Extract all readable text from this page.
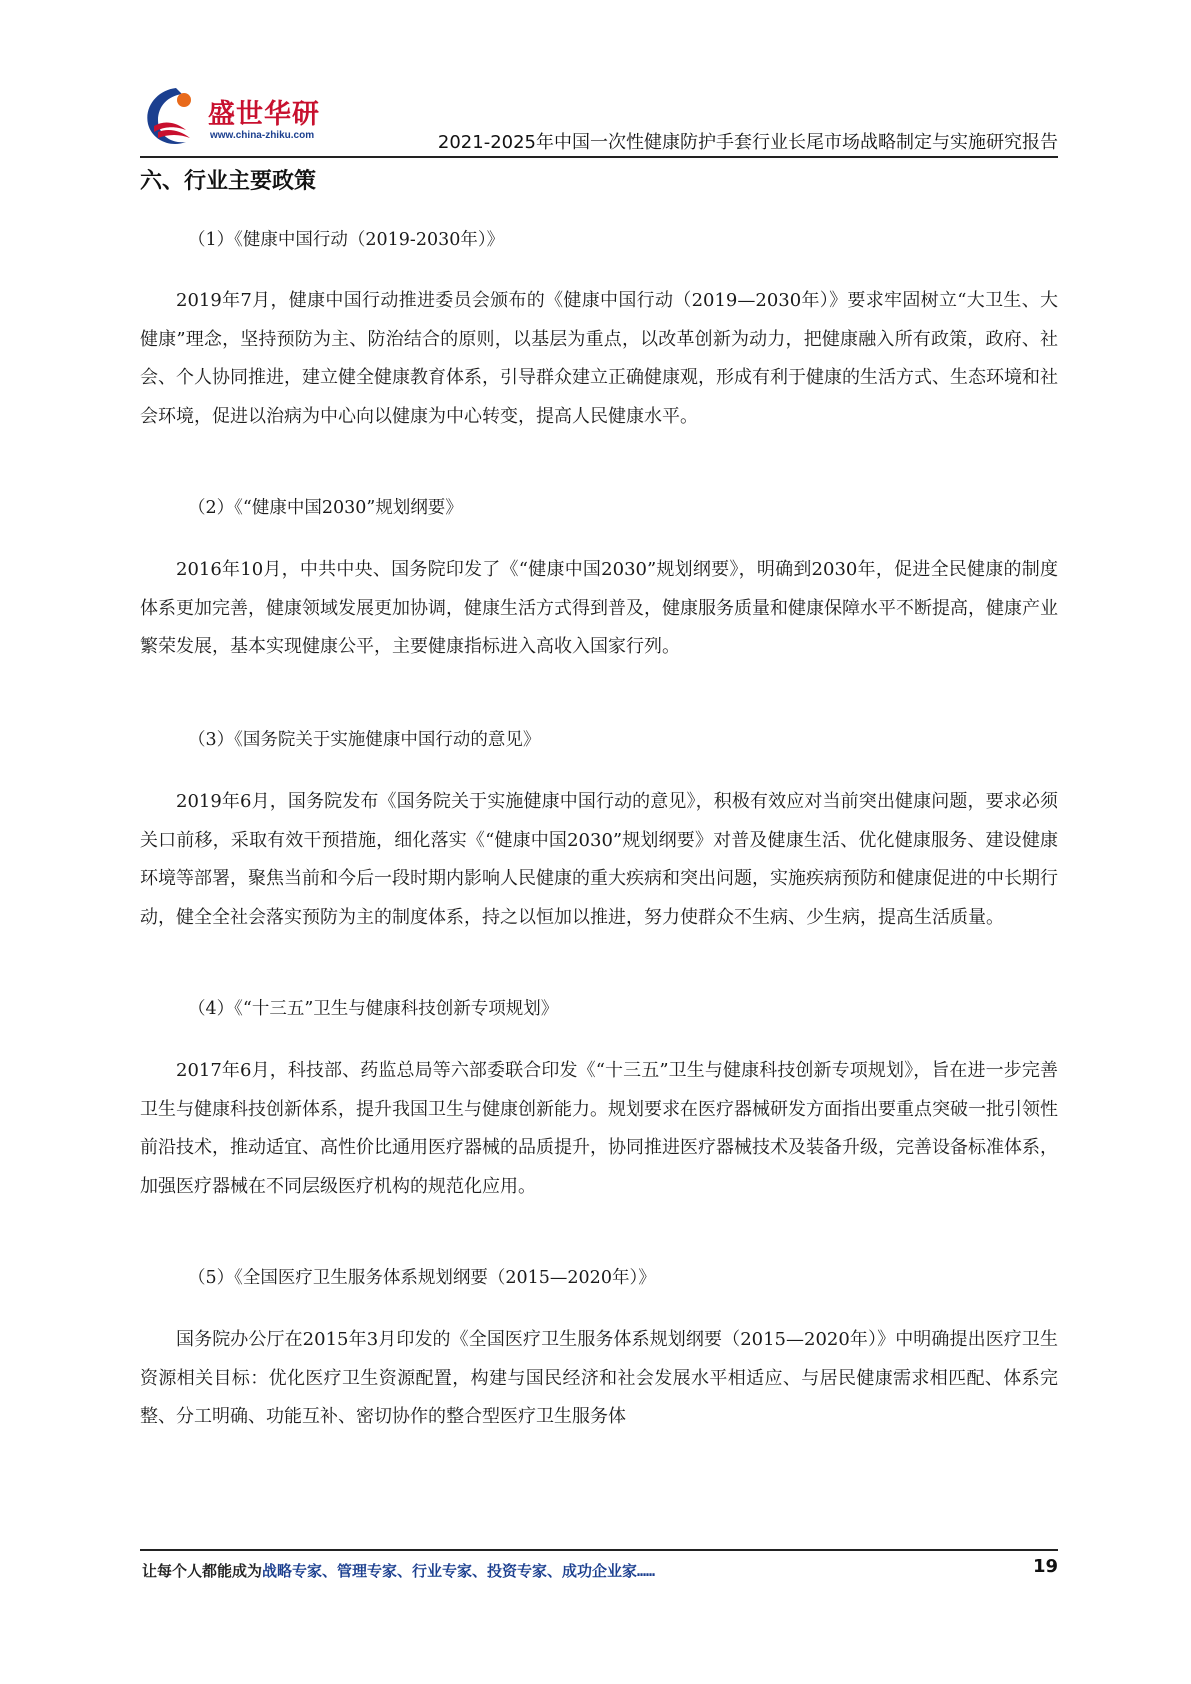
盛世华研
www.china-zhiku.com	2021-2025年中国一次性健康防护手套行业长尾市场战略制定与实施研究报告
六、行业主要政策
（1）《健康中国行动（2019-2030年）》
2019年7月，健康中国行动推进委员会颁布的《健康中国行动（2019—2030年）》要求牢固树立“大卫生、大健康”理念，坚持预防为主、防治结合的原则，以基层为重点，以改革创新为动力，把健康融入所有政策，政府、社会、个人协同推进，建立健全健康教育体系，引导群众建立正确健康观，形成有利于健康的生活方式、生态环境和社会环境，促进以治病为中心向以健康为中心转变，提高人民健康水平。
（2）《“健康中国2030”规划纲要》
2016年10月，中共中央、国务院印发了《“健康中国2030”规划纲要》，明确到2030年，促进全民健康的制度体系更加完善，健康领域发展更加协调，健康生活方式得到普及，健康服务质量和健康保障水平不断提高，健康产业繁荣发展，基本实现健康公平，主要健康指标进入高收入国家行列。
（3）《国务院关于实施健康中国行动的意见》
2019年6月，国务院发布《国务院关于实施健康中国行动的意见》，积极有效应对当前突出健康问题，要求必须关口前移，采取有效干预措施，细化落实《“健康中国2030”规划纲要》对普及健康生活、优化健康服务、建设健康环境等部署，聚焦当前和今后一段时期内影响人民健康的重大疾病和突出问题，实施疾病预防和健康促进的中长期行动，健全全社会落实预防为主的制度体系，持之以恒加以推进，努力使群众不生病、少生病，提高生活质量。
（4）《“十三五”卫生与健康科技创新专项规划》
2017年6月，科技部、药监总局等六部委联合印发《“十三五”卫生与健康科技创新专项规划》，旨在进一步完善卫生与健康科技创新体系，提升我国卫生与健康创新能力。规划要求在医疗器械研发方面指出要重点突破一批引领性前沿技术，推动适宜、高性价比通用医疗器械的品质提升，协同推进医疗器械技术及装备升级，完善设备标准体系，加强医疗器械在不同层级医疗机构的规范化应用。
（5）《全国医疗卫生服务体系规划纲要（2015—2020年）》
国务院办公厅在2015年3月印发的《全国医疗卫生服务体系规划纲要（2015—2020年）》中明确提出医疗卫生资源相关目标：优化医疗卫生资源配置，构建与国民经济和社会发展水平相适应、与居民健康需求相匹配、体系完整、分工明确、功能互补、密切协作的整合型医疗卫生服务体
让每个人都能成为战略专家、管理专家、行业专家、投资专家、成功企业家……	19
